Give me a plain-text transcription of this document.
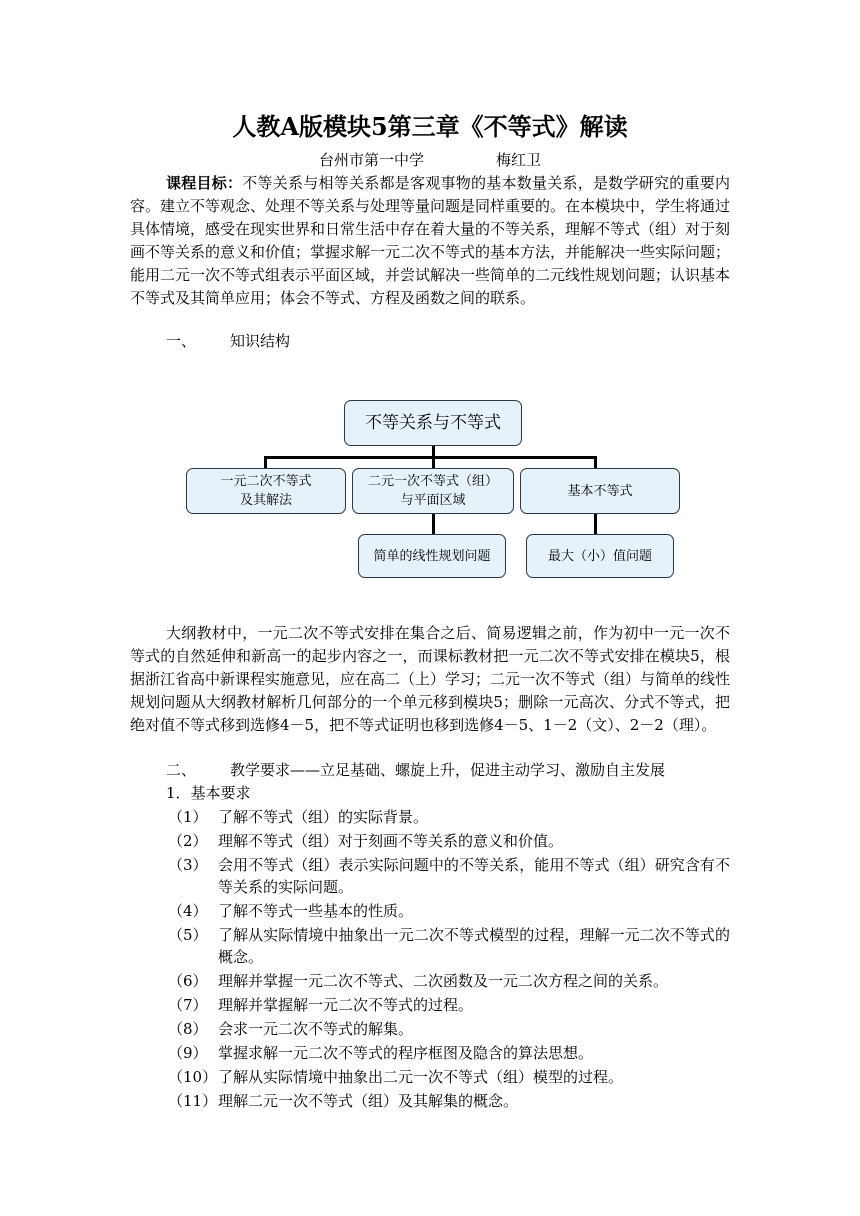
人教A版模块5第三章《不等式》解读
台州市第一中学	梅红卫

课程目标：不等关系与相等关系都是客观事物的基本数量关系，是数学研究的重要内容。建立不等观念、处理不等关系与处理等量问题是同样重要的。在本模块中，学生将通过具体情境，感受在现实世界和日常生活中存在着大量的不等关系，理解不等式（组）对于刻画不等关系的意义和价值；掌握求解一元二次不等式的基本方法，并能解决一些实际问题；能用二元一次不等式组表示平面区域，并尝试解决一些简单的二元线性规划问题；认识基本不等式及其简单应用；体会不等式、方程及函数之间的联系。

一、 知识结构
不等关系与不等式
一元二次不等式
及其解法
二元一次不等式（组）
与平面区域
基本不等式
简单的线性规划问题	最大（小）值问题

大纲教材中，一元二次不等式安排在集合之后、简易逻辑之前，作为初中一元一次不等式的自然延伸和新高一的起步内容之一，而课标教材把一元二次不等式安排在模块5，根据浙江省高中新课程实施意见，应在高二（上）学习；二元一次不等式（组）与简单的线性规划问题从大纲教材解析几何部分的一个单元移到模块5；删除一元高次、分式不等式，把绝对值不等式移到选修4－5，把不等式证明也移到选修4－5、1－2（文）、2－2（理）。

二、 教学要求——立足基础、螺旋上升，促进主动学习、激励自主发展
1．基本要求
（1） 了解不等式（组）的实际背景。
（2） 理解不等式（组）对于刻画不等关系的意义和价值。
（3） 会用不等式（组）表示实际问题中的不等关系，能用不等式（组）研究含有不等关系的实际问题。
（4） 了解不等式一些基本的性质。
（5） 了解从实际情境中抽象出一元二次不等式模型的过程，理解一元二次不等式的概念。
（6） 理解并掌握一元二次不等式、二次函数及一元二次方程之间的关系。
（7） 理解并掌握解一元二次不等式的过程。
（8） 会求一元二次不等式的解集。
（9） 掌握求解一元二次不等式的程序框图及隐含的算法思想。
（10） 了解从实际情境中抽象出二元一次不等式（组）模型的过程。
（11） 理解二元一次不等式（组）及其解集的概念。
